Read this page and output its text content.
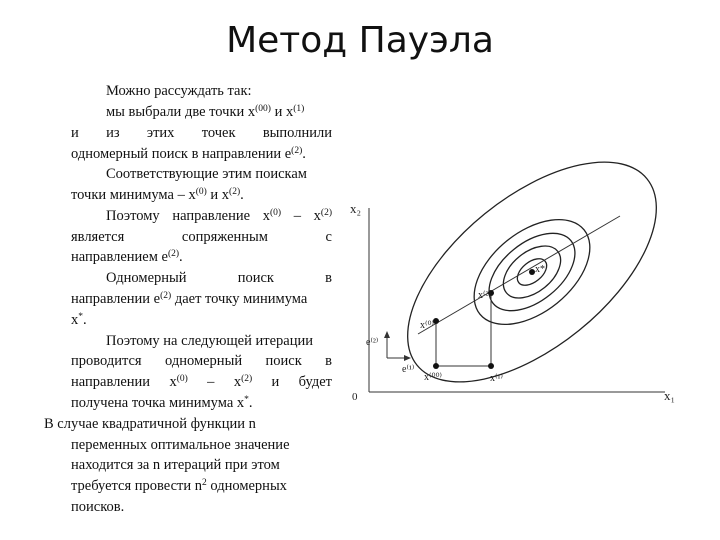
Метод Пауэла
Можно рассуждать так:
мы выбрали две точки $x^{(00)}$ и $x^{(1)}$
и из этих точек выполнили
одномерный поиск в направлении $e^{(2)}$.
Соответствующие этим поискам
точки минимума – $x^{(0)}$ и $x^{(2)}$.
Поэтому направление $x^{(0)} - x^{(2)}$
является сопряженным с
направлением $e^{(2)}$.
Одномерный поиск в
направлении $e^{(2)}$ дает точку минимума
x*.
Поэтому на следующей итерации
проводится одномерный поиск в
направлении $x^{(0)} - x^{(2)}$ и будет
получена точка минимума x*.
В случае квадратичной функции n
переменных оптимальное значение
находится за n итераций при этом
требуется провести $n^2$ одномерных
поисков.
x₂
x₁
0
e⁽²⁾
e⁽¹⁾
x⁽⁰⁰⁾	x⁽¹⁾
x⁽⁰⁾
x⁽²⁾
x*
